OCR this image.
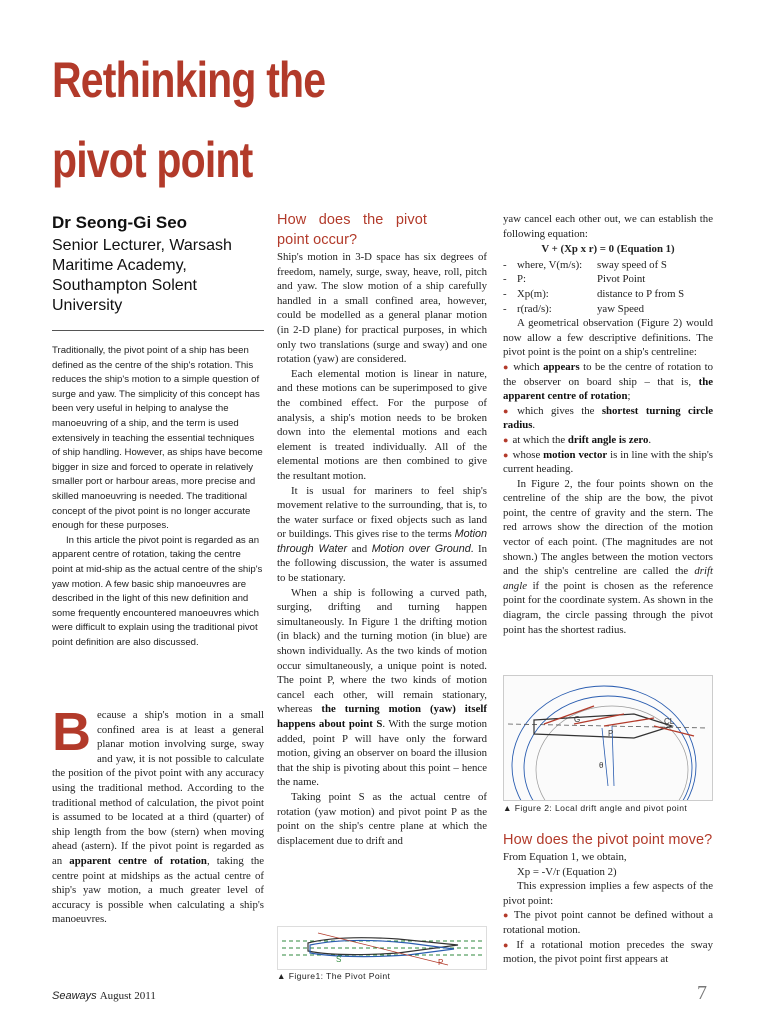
Rethinking the
pivot point
Dr Seong-Gi Seo
Senior Lecturer, Warsash Maritime Academy, Southampton Solent University

Traditionally, the pivot point of a ship has been defined as the centre of the ship's rotation. This reduces the ship's motion to a simple question of surge and yaw. The simplicity of this concept has been very useful in helping to analyse the manoeuvring of a ship, and the term is used extensively in teaching the essential techniques of ship handling. However, as ships have become bigger in size and forced to operate in relatively smaller port or harbour areas, more precise and skilled manoeuvring is needed. The traditional concept of the pivot point is no longer accurate enough for these purposes.

In this article the pivot point is regarded as an apparent centre of rotation, taking the centre point at mid-ship as the actual centre of the ship's yaw motion. A few basic ship manoeuvres are described in the light of this new definition and some frequently encountered manoeuvres which were difficult to explain using the traditional pivot point definition are also discussed.

Because a ship's motion in a small confined area is at least a general planar motion involving surge, sway and yaw, it is not possible to calculate the position of the pivot point with any accuracy using the traditional method. According to the traditional method of calculation, the pivot point is assumed to be located at a third (quarter) of ship length from the bow (stern) when moving ahead (astern). If the pivot point is regarded as an apparent centre of rotation, taking the centre point at midships as the actual centre of ship's yaw motion, a much greater level of accuracy is possible when calculating a ship's manoeuvres.

How does the pivot point occur?

Ship's motion in 3-D space has six degrees of freedom, namely, surge, sway, heave, roll, pitch and yaw. The slow motion of a ship carefully handled in a small confined area, however, could be modelled as a general planar motion (in 2-D plane) for practical purposes, in which only two translations (surge and sway) and one rotation (yaw) are considered.

Each elemental motion is linear in nature, and these motions can be superimposed to give the combined effect. For the purpose of analysis, a ship's motion needs to be broken down into the elemental motions and each element is treated individually. All of the elemental motions are then combined to give the resultant motion.

It is usual for mariners to feel ship's movement relative to the surrounding, that is, to the water surface or fixed objects such as land or buildings. This gives rise to the terms Motion through Water and Motion over Ground. In the following discussion, the water is assumed to be stationary.

When a ship is following a curved path, surging, drifting and turning happen simultaneously. In Figure 1 the drifting motion (in black) and the turning motion (in blue) are shown individually. As the two kinds of motion occur simultaneously, a unique point is noted. The point P, where the two kinds of motion cancel each other, will remain stationary, whereas the turning motion (yaw) itself happens about point S. With the surge motion added, point P will have only the forward motion, giving an observer on board the illusion that the ship is pivoting about this point – hence the name.

Taking point S as the actual centre of rotation (yaw motion) and pivot point P as the point on the ship's centre plane at which the displacement due to drift and

S	P
▲ Figure1: The Pivot Point

yaw cancel each other out, we can establish the following equation:

V + (Xp x r) = 0 (Equation 1)
- where, V(m/s):	sway speed of S
- P:	Pivot Point
- Xp(m):	distance to P from S
- r(rad/s):	yaw Speed

A geometrical observation (Figure 2) would now allow a few descriptive definitions. The pivot point is the point on a ship's centreline:

● which appears to be the centre of rotation to the observer on board ship – that is, the apparent centre of rotation;

● which gives the shortest turning circle radius.

● at which the drift angle is zero.

● whose motion vector is in line with the ship's current heading.

In Figure 2, the four points shown on the centreline of the ship are the bow, the pivot point, the centre of gravity and the stern. The red arrows show the direction of the motion vector of each point. (The magnitudes are not shown.) The angles between the motion vectors and the ship's centreline are called the drift angle if the point is chosen as the reference point for the coordinate system. As shown in the diagram, the circle passing through the pivot point has the shortest radius.

G
P
CL
θ
▲ Figure 2: Local drift angle and pivot point
How does the pivot point move?

From Equation 1, we obtain,

Xp = -V/r (Equation 2)

This expression implies a few aspects of the pivot point:

● The pivot point cannot be defined without a rotational motion.

● If a rotational motion precedes the sway motion, the pivot point first appears at

Seaways August 2011	7
